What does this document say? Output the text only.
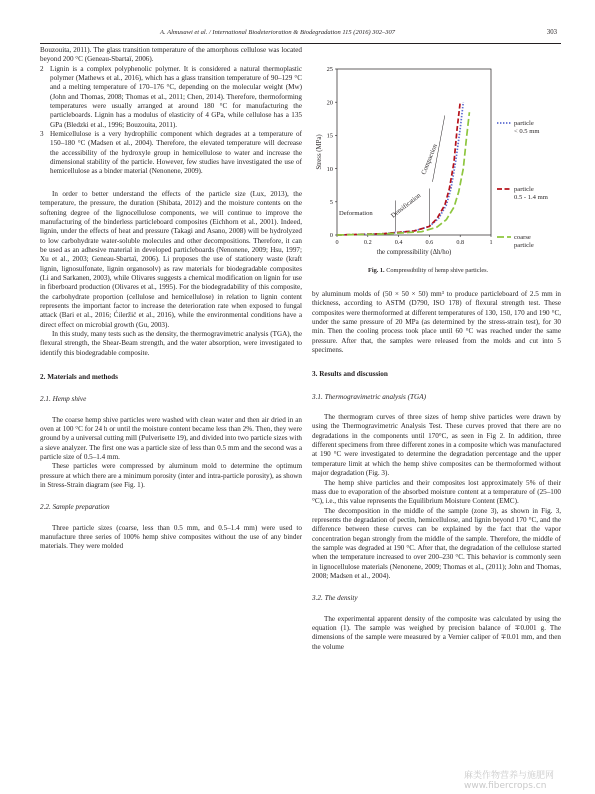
A. Almusawi et al. / International Biodeterioration & Biodegradation 115 (2016) 302–307	303

Bouzouita, 2011). The glass transition temperature of the amorphous cellulose was located beyond 200 °C (Geneau-Sbartaï, 2006).

2 Lignin is a complex polyphenolic polymer. It is considered a natural thermoplastic polymer (Mathews et al., 2016), which has a glass transition temperature of 90–129 °C and a melting temperature of 170–176 °C, depending on the molecular weight (Mw) (John and Thomas, 2008; Thomas et al., 2011; Chen, 2014). Therefore, thermoforming temperatures were usually arranged at around 180 °C for manufacturing the particleboards. Lignin has a modulus of elasticity of 4 GPa, while cellulose has a 135 GPa (Bledzki et al., 1996; Bouzouita, 2011).
3 Hemicellulose is a very hydrophilic component which degrades at a temperature of 150–180 °C (Madsen et al., 2004). Therefore, the elevated temperature will decrease the accessibility of the hydroxyle group in hemicellulose to water and increase the dimensional stability of the particle. However, few studies have investigated the use of hemicellulose as a binder material (Nenonene, 2009).

In order to better understand the effects of the particle size (Lux, 2013), the temperature, the pressure, the duration (Shibata, 2012) and the moisture contents on the softening degree of the lignocellulose components, we will continue to improve the manufacturing of the binderless particleboard composites (Eichhorn et al., 2001). Indeed, lignin, under the effects of heat and pressure (Takagi and Asano, 2008) will be hydrolyzed to low carbohydrate water-soluble molecules and other decompositions. Therefore, it can be used as an adhesive material in developed particleboards (Nenonene, 2009; Hsu, 1997; Xu et al., 2003; Geneau-Sbartaï, 2006). Li proposes the use of stationery waste (kraft lignin, lignosulfonate, lignin organosolv) as raw materials for biodegradable composites (Li and Sarkanen, 2003), while Olivares suggests a chemical modification on lignin for use in fiberboard production (Olivares et al., 1995). For the biodegradability of this composite, the carbohydrate proportion (cellulose and hemicellulose) in relation to lignin content represents the important factor to increase the deterioration rate when exposed to fungal attack (Bari et al., 2016; Ćileržić et al., 2016), while the environmental conditions have a direct effect on microbial growth (Gu, 2003).

In this study, many tests such as the density, the thermogravimetric analysis (TGA), the flexural strength, the Shear-Beam strength, and the water absorption, were investigated to identify this biodegradable composite.

2. Materials and methods
2.1. Hemp shive

The coarse hemp shive particles were washed with clean water and then air dried in an oven at 100 °C for 24 h or until the moisture content became less than 2%. Then, they were ground by a universal cutting mill (Pulverisette 19), and divided into two particle sizes with a sieve analyzer. The first one was a particle size of less than 0.5 mm and the second was a particle size of 0.5–1.4 mm.

These particles were compressed by aluminum mold to determine the optimum pressure at which there are a minimum porosity (inter and intra-particle porosity), as shown in Stress-Strain diagram (see Fig. 1).

2.2. Sample preparation

Three particle sizes (coarse, less than 0.5 mm, and 0.5–1.4 mm) were used to manufacture three series of 100% hemp shive composites without the use of any binder materials. They were molded

0
5
10
15
20
25
0	0.2	0.4	0.6	0.8	1
the compressibility (Δh/ho)
Stress (MPa)
Deformation	Densification
Compaction
particle
< 0.5 mm
particle
0.5 - 1.4 mm
coarse
particle
Fig. 1. Compressibility of hemp shive particles.

by aluminum molds of (50 × 50 × 50) mm³ to produce particleboard of 2.5 mm in thickness, according to ASTM (D790, ISO 178) of flexural strength test. These composites were thermoformed at different temperatures of 130, 150, 170 and 190 °C, under the same pressure of 20 MPa (as determined by the stress-strain test), for 30 min. Then the cooling process took place until 60 °C was reached under the same pressure. After that, the samples were released from the molds and cut into 5 specimens.

3. Results and discussion
3.1. Thermogravimetric analysis (TGA)

The thermogram curves of three sizes of hemp shive particles were drawn by using the Thermogravimetric Analysis Test. These curves proved that there are no degradations in the components until 170°C, as seen in Fig 2. In addition, three different specimens from three different zones in a composite which was manufactured at 190 °C were investigated to determine the degradation percentage and the upper temperature limit at which the hemp shive composites can be thermoformed without major degradation (Fig. 3).

The hemp shive particles and their composites lost approximately 5% of their mass due to evaporation of the absorbed moisture content at a temperature of (25–100 °C), i.e., this value represents the Equilibrium Moisture Content (EMC).

The decomposition in the middle of the sample (zone 3), as shown in Fig. 3, represents the degradation of pectin, hemicellulose, and lignin beyond 170 °C, and the difference between these curves can be explained by the fact that the vapor concentration began strongly from the middle of the sample. Therefore, the middle of the sample was degraded at 190 °C. After that, the degradation of the cellulose started when the temperature increased to over 200–230 °C. This behavior is commonly seen in lignocellulose materials (Nenonene, 2009; Thomas et al., (2011); John and Thomas, 2008; Madsen et al., 2004).

3.2. The density

The experimental apparent density of the composite was calculated by using the equation (1). The sample was weighed by precision balance of ∓0.001 g. The dimensions of the sample were measured by a Vernier caliper of ∓0.01 mm, and then the volume

麻类作物营养与施肥网 www.fibercrops.cn
